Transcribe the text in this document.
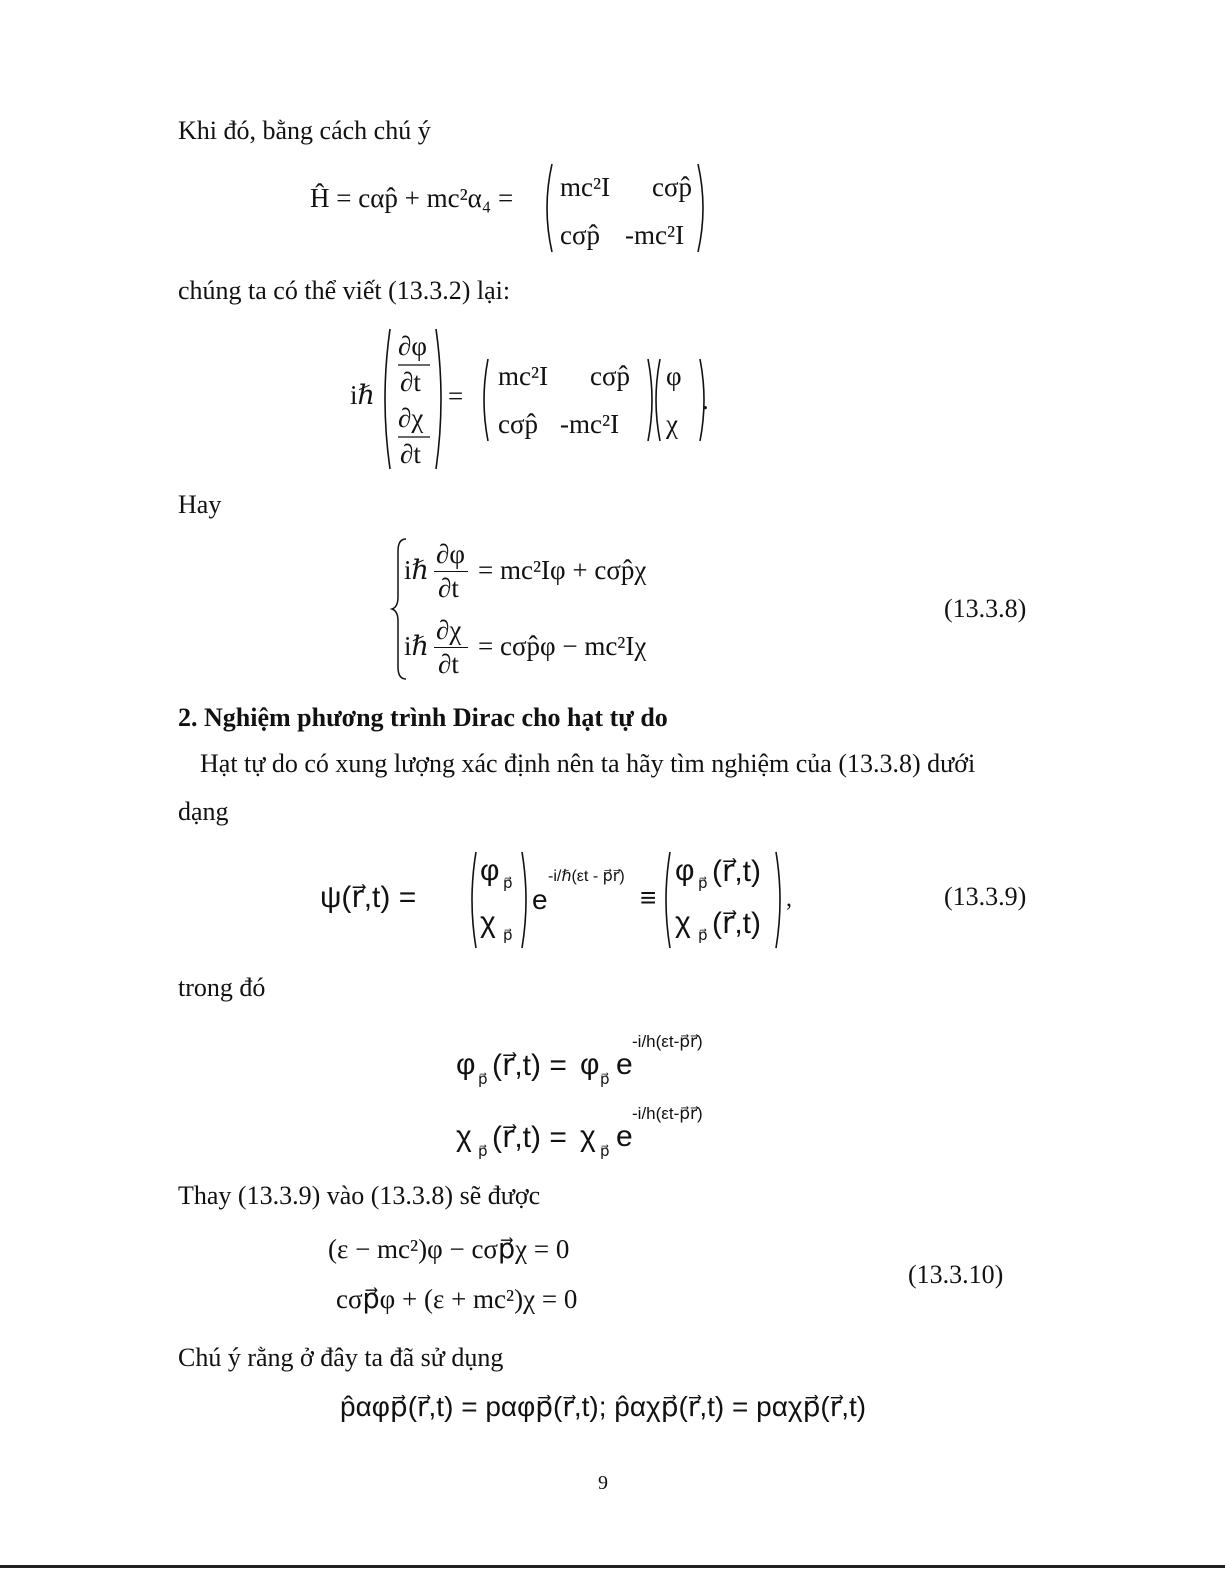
Khi đó, bằng cách chú ý
Ĥ = cαp̂ + mc²α₄ = mc²I cσp̂
cσp̂ -mc²I
chúng ta có thể viết (13.3.2) lại:
iℏ
∂φ
∂t
∂χ
∂t
=
mc²I cσp̂
cσp̂ -mc²I
φ
χ
.
Hay
iℏ
∂φ
∂t
= mc²Iφ + cσp̂χ
iℏ
∂χ
∂t
= cσp̂φ − mc²Iχ
(13.3.8)
2. Nghiệm phương trình Dirac cho hạt tự do
Hạt tự do có xung lượng xác định nên ta hãy tìm nghiệm của (13.3.8) dưới
dạng
ψ(r⃗,t) =
φ p⃗
χ p⃗
e
-i/ℏ(εt - p⃗r⃗)
≡
φ p⃗ (r⃗,t)
χ p⃗ (r⃗,t)
,	(13.3.9)
trong đó
φ p⃗ (r⃗,t) = φ p⃗ e
-i/h(εt-p⃗r⃗)
χ p⃗ (r⃗,t) = χ p⃗ e
-i/h(εt-p⃗r⃗)
Thay (13.3.9) vào (13.3.8) sẽ được
(ε − mc²)φ − cσp⃗χ = 0
cσp⃗φ + (ε + mc²)χ = 0
(13.3.10)
Chú ý rằng ở đây ta đã sử dụng
p̂αφp⃗(r⃗,t) = pαφp⃗(r⃗,t); p̂αχp⃗(r⃗,t) = pαχp⃗(r⃗,t)
9
